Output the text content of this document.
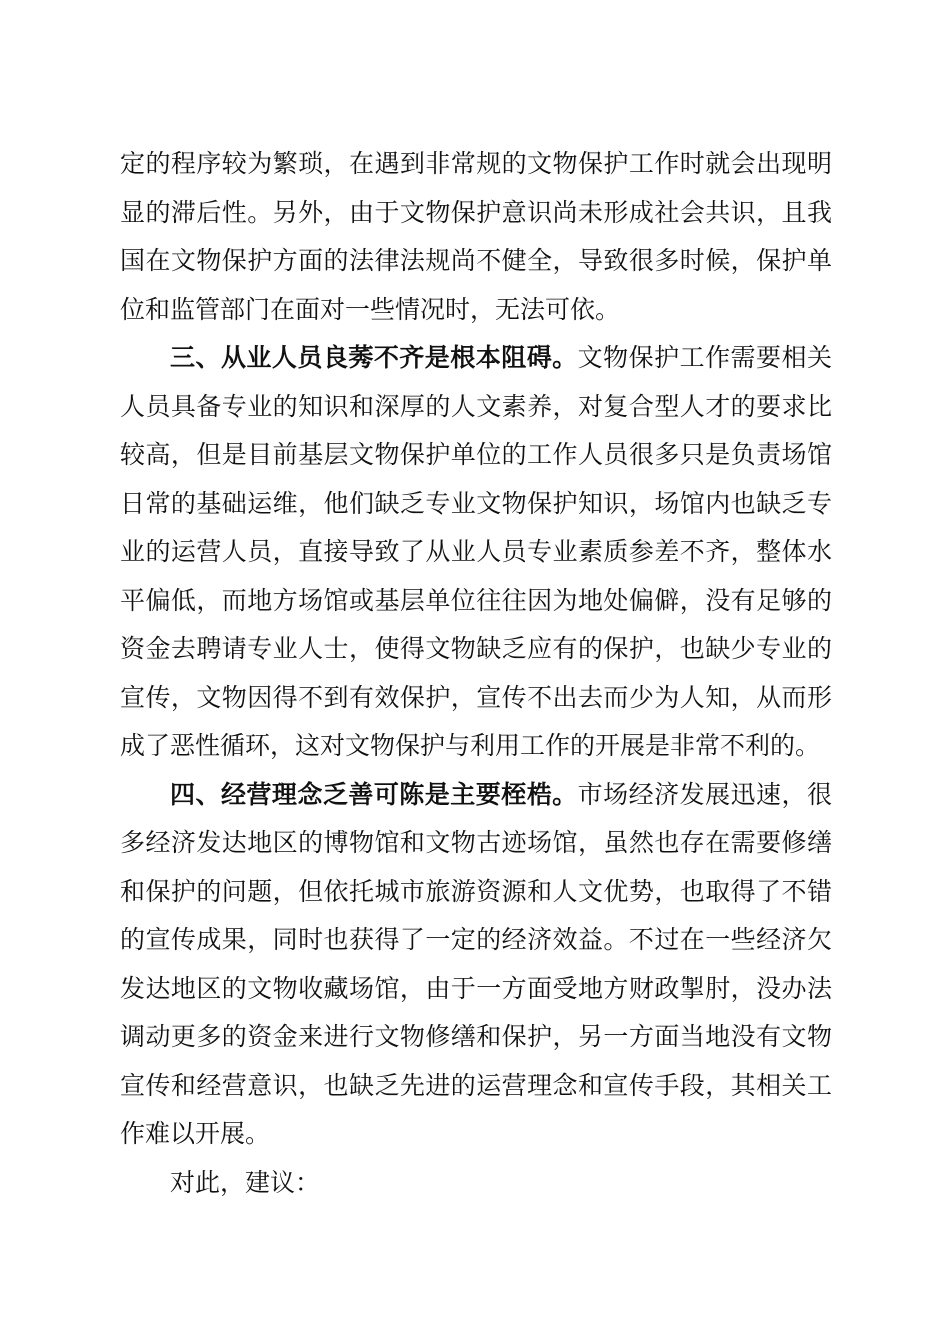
定的程序较为繁琐，在遇到非常规的文物保护工作时就会出现明显的滞后性。另外，由于文物保护意识尚未形成社会共识，且我国在文物保护方面的法律法规尚不健全，导致很多时候，保护单位和监管部门在面对一些情况时，无法可依。

三、从业人员良莠不齐是根本阻碍。文物保护工作需要相关人员具备专业的知识和深厚的人文素养，对复合型人才的要求比较高，但是目前基层文物保护单位的工作人员很多只是负责场馆日常的基础运维，他们缺乏专业文物保护知识，场馆内也缺乏专业的运营人员，直接导致了从业人员专业素质参差不齐，整体水平偏低，而地方场馆或基层单位往往因为地处偏僻，没有足够的资金去聘请专业人士，使得文物缺乏应有的保护，也缺少专业的宣传，文物因得不到有效保护，宣传不出去而少为人知，从而形成了恶性循环，这对文物保护与利用工作的开展是非常不利的。

四、经营理念乏善可陈是主要桎梏。市场经济发展迅速，很多经济发达地区的博物馆和文物古迹场馆，虽然也存在需要修缮和保护的问题，但依托城市旅游资源和人文优势，也取得了不错的宣传成果，同时也获得了一定的经济效益。不过在一些经济欠发达地区的文物收藏场馆，由于一方面受地方财政掣肘，没办法调动更多的资金来进行文物修缮和保护，另一方面当地没有文物宣传和经营意识，也缺乏先进的运营理念和宣传手段，其相关工作难以开展。

对此，建议：
